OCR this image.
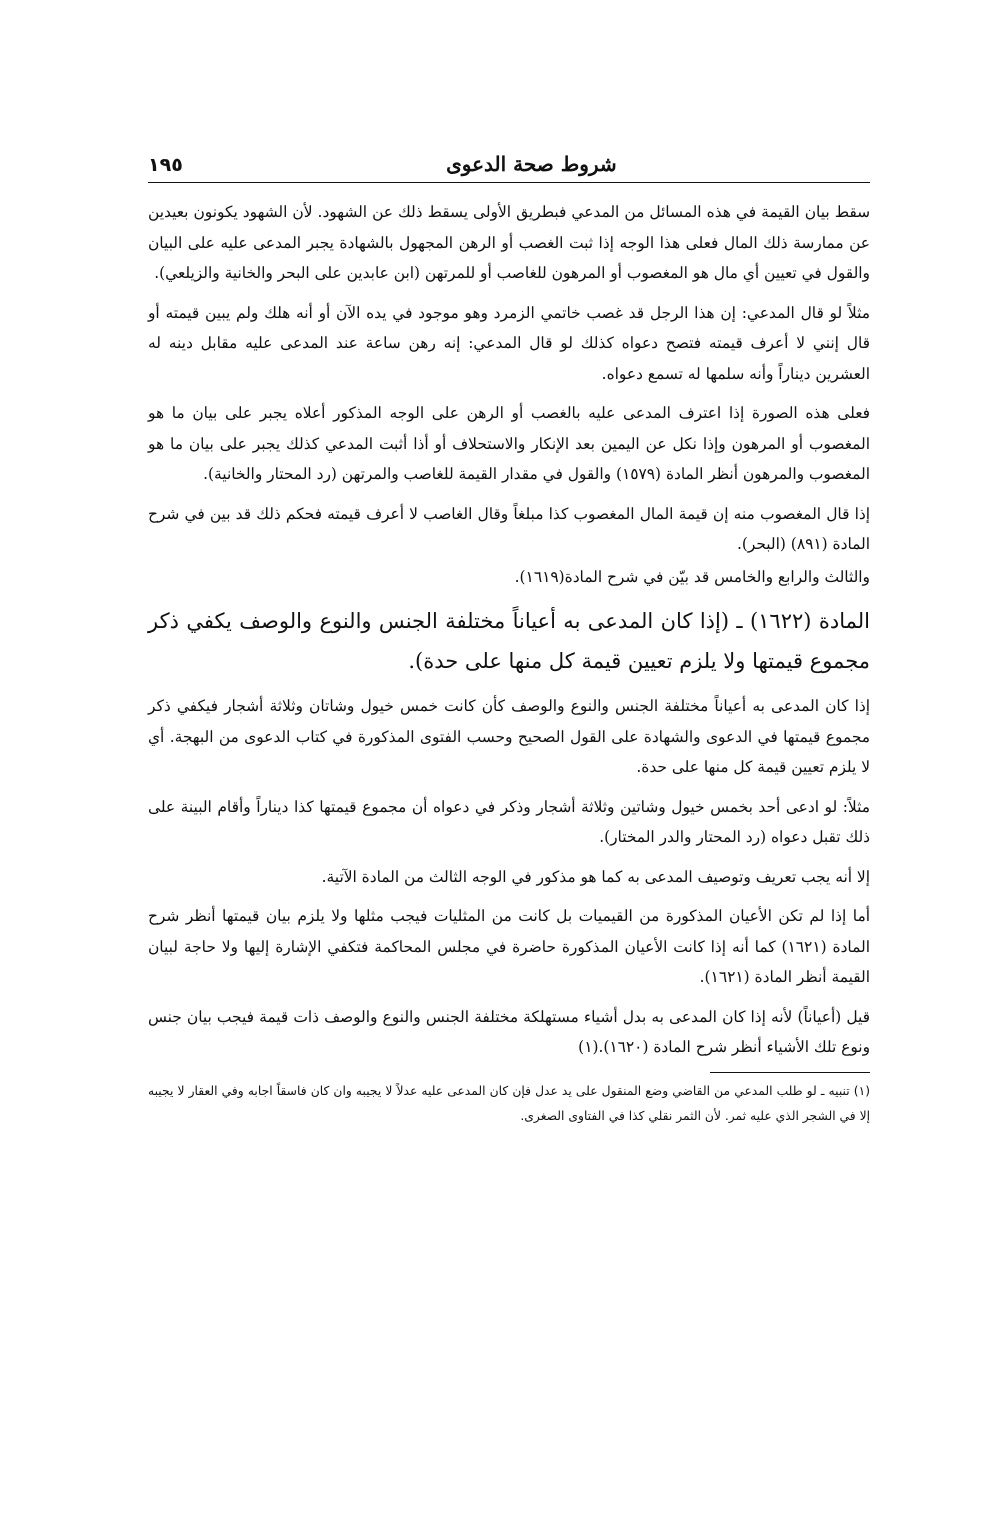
شروط صحة الدعوى
١٩٥

سقط بيان القيمة في هذه المسائل من المدعي فبطريق الأولى يسقط ذلك عن الشهود. لأن الشهود يكونون بعيدين عن ممارسة ذلك المال فعلى هذا الوجه إذا ثبت الغصب أو الرهن المجهول بالشهادة يجبر المدعى عليه على البيان والقول في تعيين أي مال هو المغصوب أو المرهون للغاصب أو للمرتهن (ابن عابدين على البحر والخانية والزيلعي).

مثلاً لو قال المدعي: إن هذا الرجل قد غصب خاتمي الزمرد وهو موجود في يده الآن أو أنه هلك ولم يبين قيمته أو قال إنني لا أعرف قيمته فتصح دعواه كذلك لو قال المدعي: إنه رهن ساعة عند المدعى عليه مقابل دينه له العشرين ديناراً وأنه سلمها له تسمع دعواه.

فعلى هذه الصورة إذا اعترف المدعى عليه بالغصب أو الرهن على الوجه المذكور أعلاه يجبر على بيان ما هو المغصوب أو المرهون وإذا نكل عن اليمين بعد الإنكار والاستحلاف أو أذا أثبت المدعي كذلك يجبر على بيان ما هو المغصوب والمرهون أنظر المادة (١٥٧٩) والقول في مقدار القيمة للغاصب والمرتهن (رد المحتار والخانية).

إذا قال المغصوب منه إن قيمة المال المغصوب كذا مبلغاً وقال الغاصب لا أعرف قيمته فحكم ذلك قد بين في شرح المادة (٨٩١) (البحر).

والثالث والرابع والخامس قد بيّن في شرح المادة(١٦١٩).

المادة (١٦٢٢) ـ (إذا كان المدعى به أعياناً مختلفة الجنس والنوع والوصف يكفي ذكر مجموع قيمتها ولا يلزم تعيين قيمة كل منها على حدة).

إذا كان المدعى به أعياناً مختلفة الجنس والنوع والوصف كأن كانت خمس خيول وشاتان وثلاثة أشجار فيكفي ذكر مجموع قيمتها في الدعوى والشهادة على القول الصحيح وحسب الفتوى المذكورة في كتاب الدعوى من البهجة. أي لا يلزم تعيين قيمة كل منها على حدة.

مثلاً: لو ادعى أحد بخمس خيول وشاتين وثلاثة أشجار وذكر في دعواه أن مجموع قيمتها كذا ديناراً وأقام البينة على ذلك تقبل دعواه (رد المحتار والدر المختار).

إلا أنه يجب تعريف وتوصيف المدعى به كما هو مذكور في الوجه الثالث من المادة الآتية.

أما إذا لم تكن الأعيان المذكورة من القيميات بل كانت من المثليات فيجب مثلها ولا يلزم بيان قيمتها أنظر شرح المادة (١٦٢١) كما أنه إذا كانت الأعيان المذكورة حاضرة في مجلس المحاكمة فتكفي الإشارة إليها ولا حاجة لبيان القيمة أنظر المادة (١٦٢١).

قيل (أعياناً) لأنه إذا كان المدعى به بدل أشياء مستهلكة مختلفة الجنس والنوع والوصف ذات قيمة فيجب بيان جنس ونوع تلك الأشياء أنظر شرح المادة (١٦٢٠).(١)

(١) تنبيه ـ لو طلب المدعي من القاضي وضع المنقول على يد عدل فإن كان المدعى عليه عدلاً لا يجيبه وان كان فاسقاً اجابه وفي العقار لا يجيبه إلا في الشجر الذي عليه ثمر. لأن الثمر نقلي كذا في الفتاوى الصغرى.
